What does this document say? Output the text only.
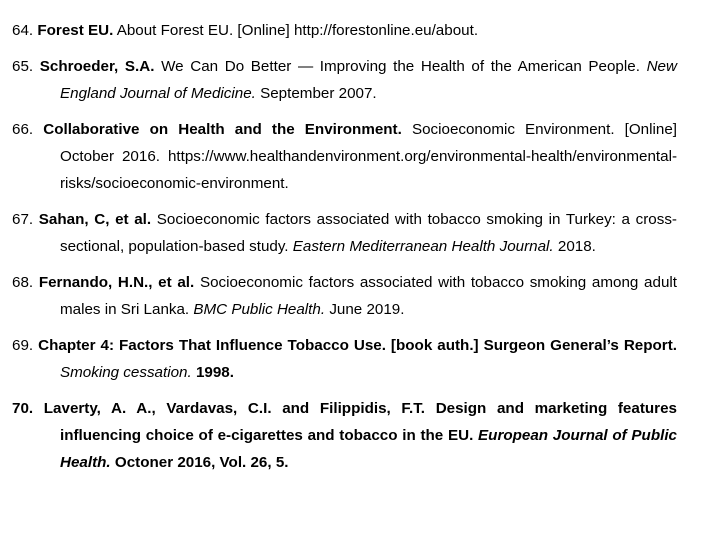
64. Forest EU. About Forest EU. [Online] http://forestonline.eu/about.

65. Schroeder, S.A. We Can Do Better — Improving the Health of the American People. New England Journal of Medicine. September 2007.

66. Collaborative on Health and the Environment. Socioeconomic Environment. [Online] October 2016. https://www.healthandenvironment.org/environmental-health/environmental-risks/socioeconomic-environment.

67. Sahan, C, et al. Socioeconomic factors associated with tobacco smoking in Turkey: a cross-sectional, population-based study. Eastern Mediterranean Health Journal. 2018.

68. Fernando, H.N., et al. Socioeconomic factors associated with tobacco smoking among adult males in Sri Lanka. BMC Public Health. June 2019.

69. Chapter 4: Factors That Influence Tobacco Use. [book auth.] Surgeon General’s Report. Smoking cessation. 1998.

70. Laverty, A. A., Vardavas, C.I. and Filippidis, F.T. Design and marketing features influencing choice of e-cigarettes and tobacco in the EU. European Journal of Public Health. Octoner 2016, Vol. 26, 5.
